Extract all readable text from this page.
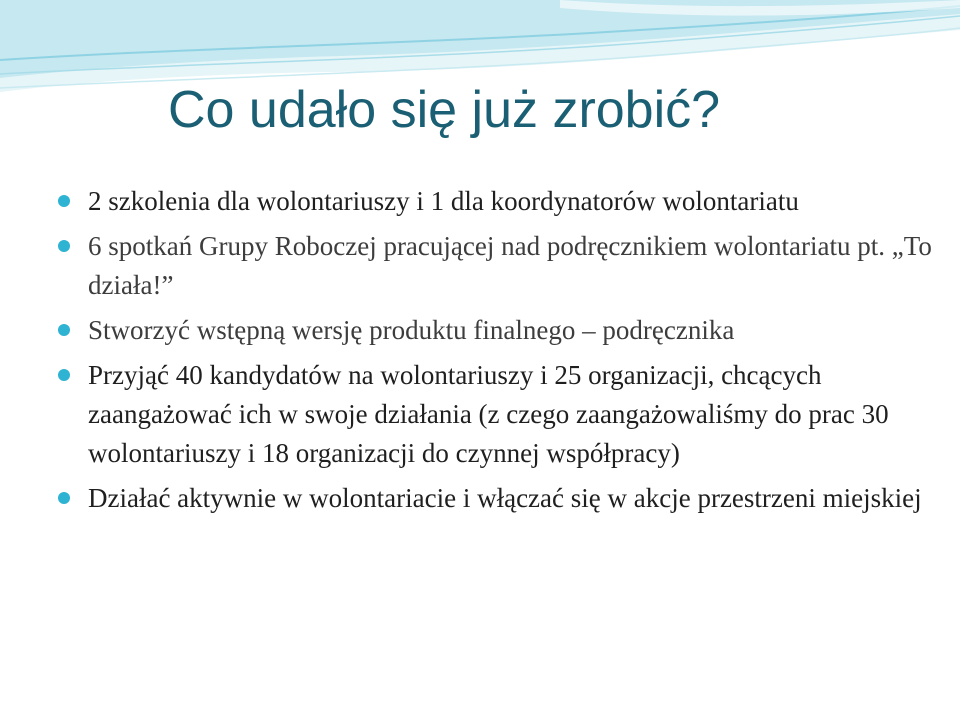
Co udało się już zrobić?
2 szkolenia dla wolontariuszy i 1 dla koordynatorów wolontariatu
6 spotkań Grupy Roboczej pracującej nad podręcznikiem wolontariatu pt. „To działa!”
Stworzyć wstępną wersję produktu finalnego – podręcznika
Przyjąć 40 kandydatów na wolontariuszy i 25 organizacji, chcących zaangażować ich w swoje działania (z czego zaangażowaliśmy do prac 30 wolontariuszy i 18 organizacji do czynnej współpracy)
Działać aktywnie w wolontariacie i włączać się w akcje przestrzeni miejskiej
